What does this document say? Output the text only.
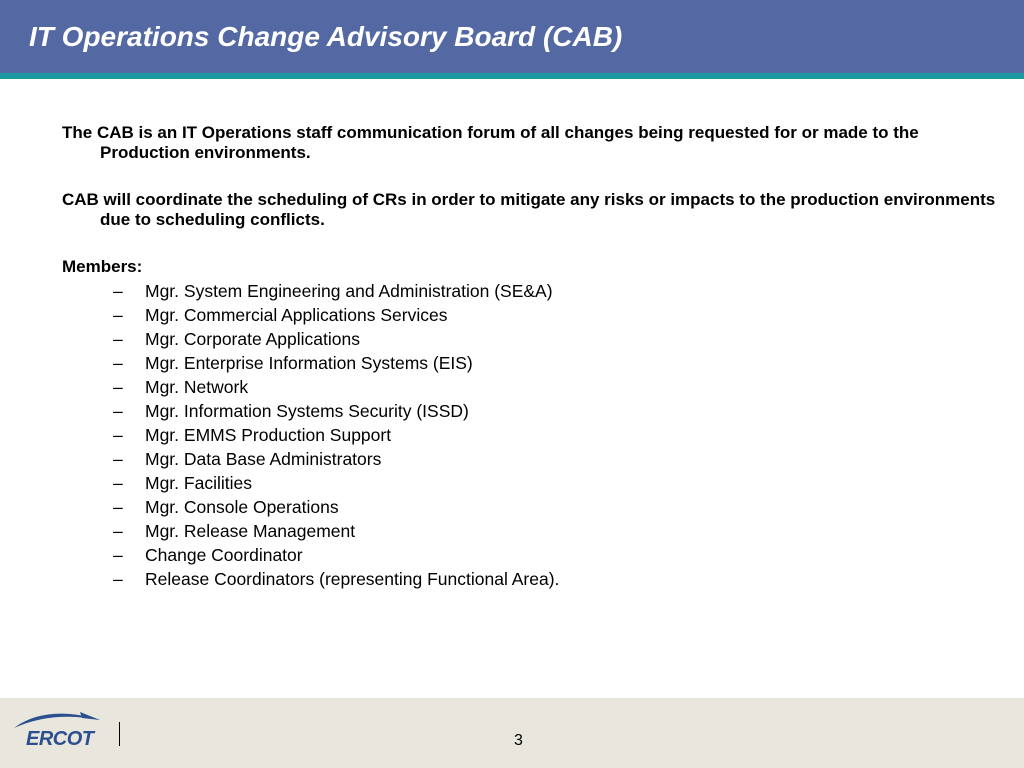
IT Operations Change Advisory Board (CAB)

The CAB is an IT Operations staff communication forum of all changes being requested for or made to the Production environments.

CAB will coordinate the scheduling of CRs in order to mitigate any risks or impacts to the production environments due to scheduling conflicts.

Members:

– Mgr. System Engineering and Administration (SE&A)
– Mgr. Commercial Applications Services
– Mgr. Corporate Applications
– Mgr. Enterprise Information Systems (EIS)
– Mgr. Network
– Mgr. Information Systems Security (ISSD)
– Mgr. EMMS Production Support
– Mgr. Data Base Administrators
– Mgr. Facilities
– Mgr. Console Operations
– Mgr. Release Management
– Change Coordinator
– Release Coordinators (representing Functional Area).
ERCOT	3
